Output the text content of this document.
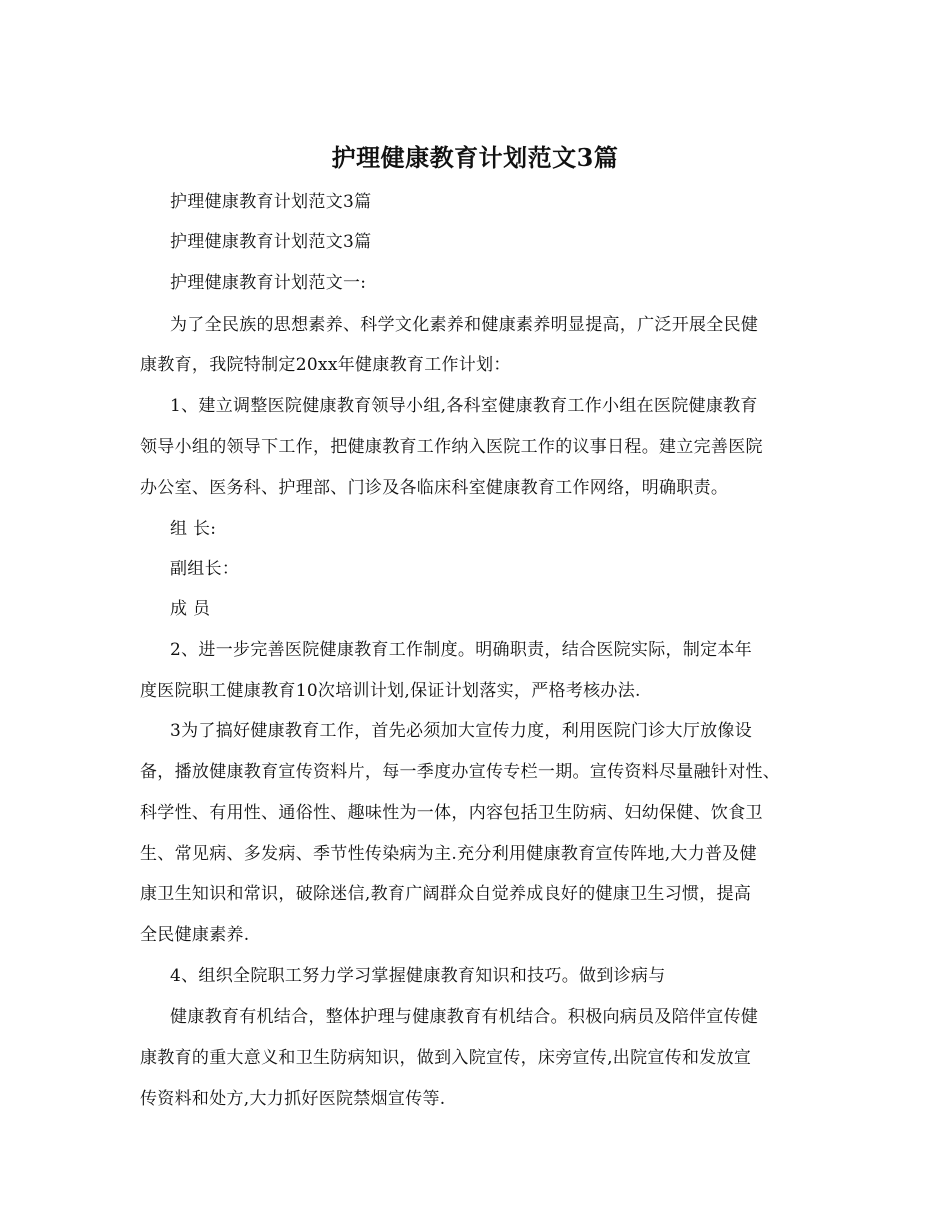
护理健康教育计划范文3篇
护理健康教育计划范文3篇
护理健康教育计划范文3篇
护理健康教育计划范文一:
为了全民族的思想素养、科学文化素养和健康素养明显提高，广泛开展全民健
康教育，我院特制定20xx年健康教育工作计划：
1、建立调整医院健康教育领导小组,各科室健康教育工作小组在医院健康教育
领导小组的领导下工作，把健康教育工作纳入医院工作的议事日程。建立完善医院
办公室、医务科、护理部、门诊及各临床科室健康教育工作网络，明确职责。
组 长:
副组长：
成 员
2、进一步完善医院健康教育工作制度。明确职责，结合医院实际，制定本年
度医院职工健康教育10次培训计划,保证计划落实，严格考核办法.
3为了搞好健康教育工作，首先必须加大宣传力度，利用医院门诊大厅放像设
备，播放健康教育宣传资料片，每一季度办宣传专栏一期。宣传资料尽量融针对性、
科学性、有用性、通俗性、趣味性为一体，内容包括卫生防病、妇幼保健、饮食卫
生、常见病、多发病、季节性传染病为主.充分利用健康教育宣传阵地,大力普及健
康卫生知识和常识，破除迷信,教育广阔群众自觉养成良好的健康卫生习惯，提高
全民健康素养.
4、组织全院职工努力学习掌握健康教育知识和技巧。做到诊病与
健康教育有机结合，整体护理与健康教育有机结合。积极向病员及陪伴宣传健
康教育的重大意义和卫生防病知识，做到入院宣传，床旁宣传,出院宣传和发放宣
传资料和处方,大力抓好医院禁烟宣传等.
